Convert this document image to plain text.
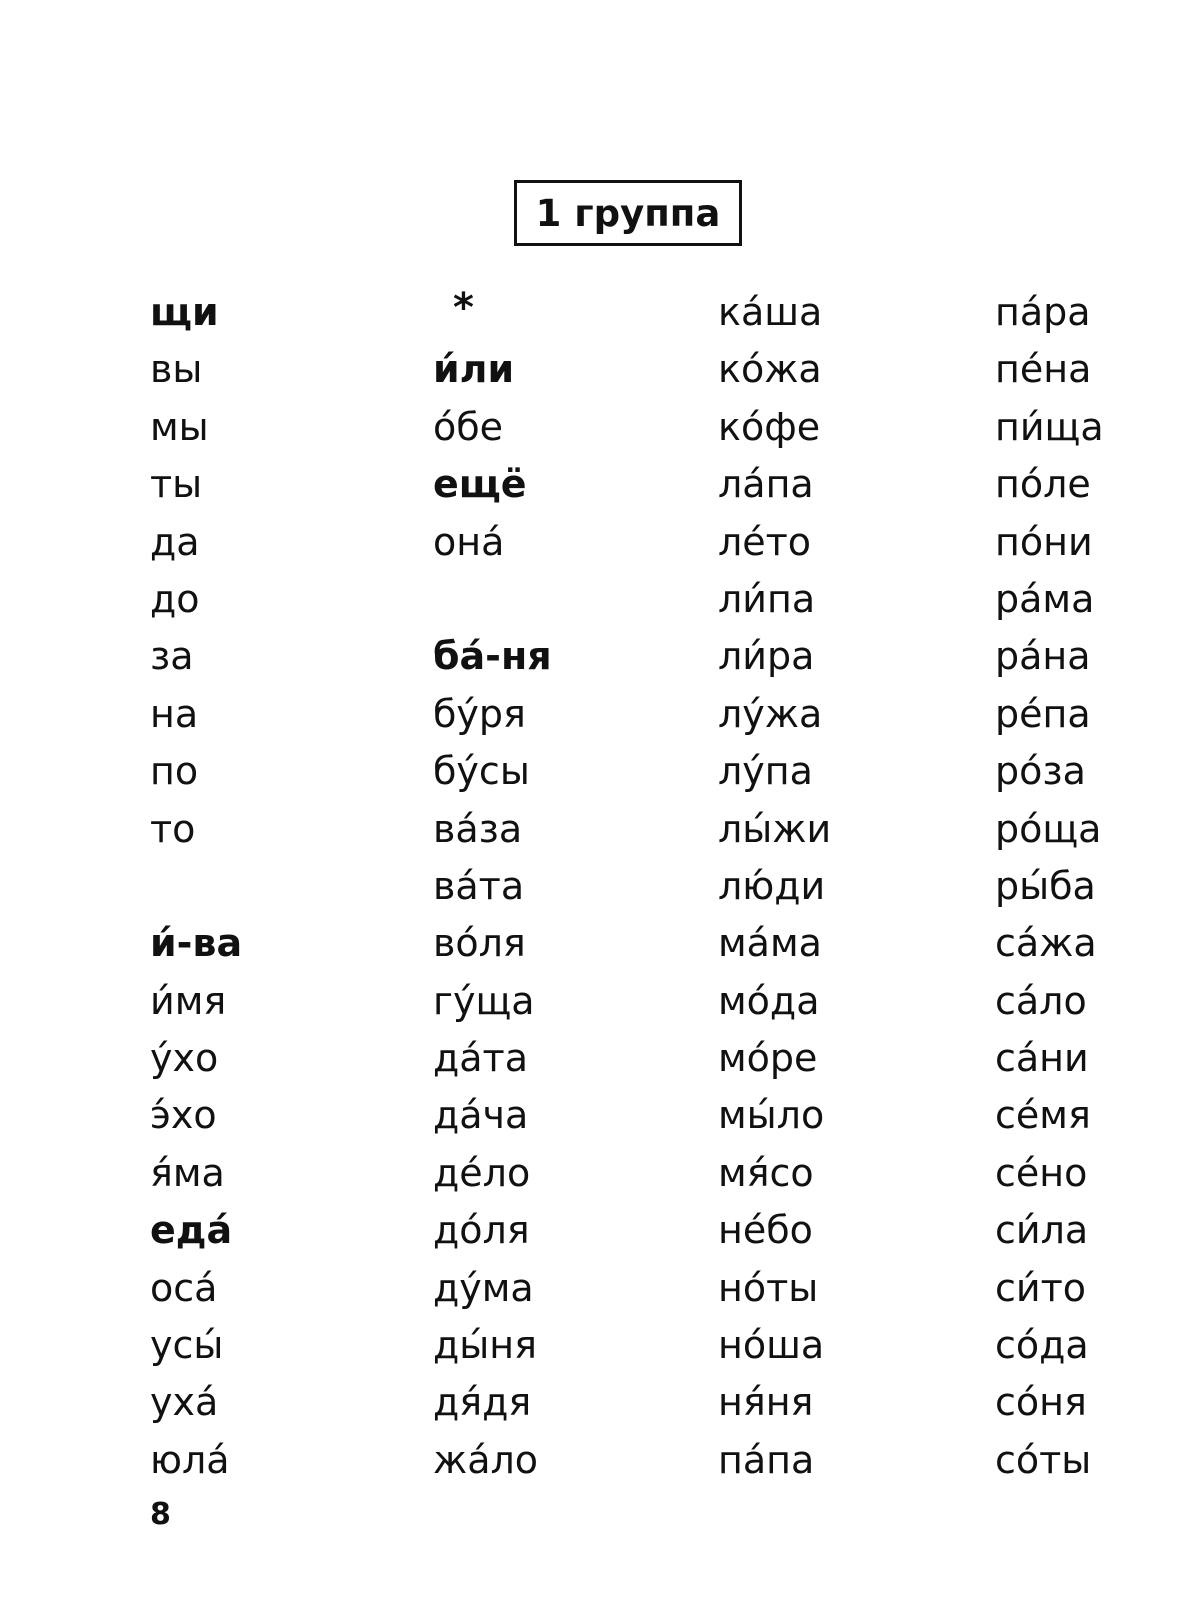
1 группа
щи
вы
мы
ты
да
до
за
на
по
то
и́-ва
и́мя
у́хо
э́хо
я́ма
еда́
оса́
усы́
уха́
юла́
*
и́ли
о́бе
ещё
она́
ба́-ня
бу́ря
бу́сы
ва́за
ва́та
во́ля
гу́ща
да́та
да́ча
де́ло
до́ля
ду́ма
ды́ня
дя́дя
жа́ло
ка́ша
ко́жа
ко́фе
ла́па
ле́то
ли́па
ли́ра
лу́жа
лу́па
лы́жи
лю́ди
ма́ма
мо́да
мо́ре
мы́ло
мя́со
не́бо
но́ты
но́ша
ня́ня
па́па
па́ра
пе́на
пи́ща
по́ле
по́ни
ра́ма
ра́на
ре́па
ро́за
ро́ща
ры́ба
са́жа
са́ло
са́ни
се́мя
се́но
си́ла
си́то
со́да
со́ня
со́ты
8
